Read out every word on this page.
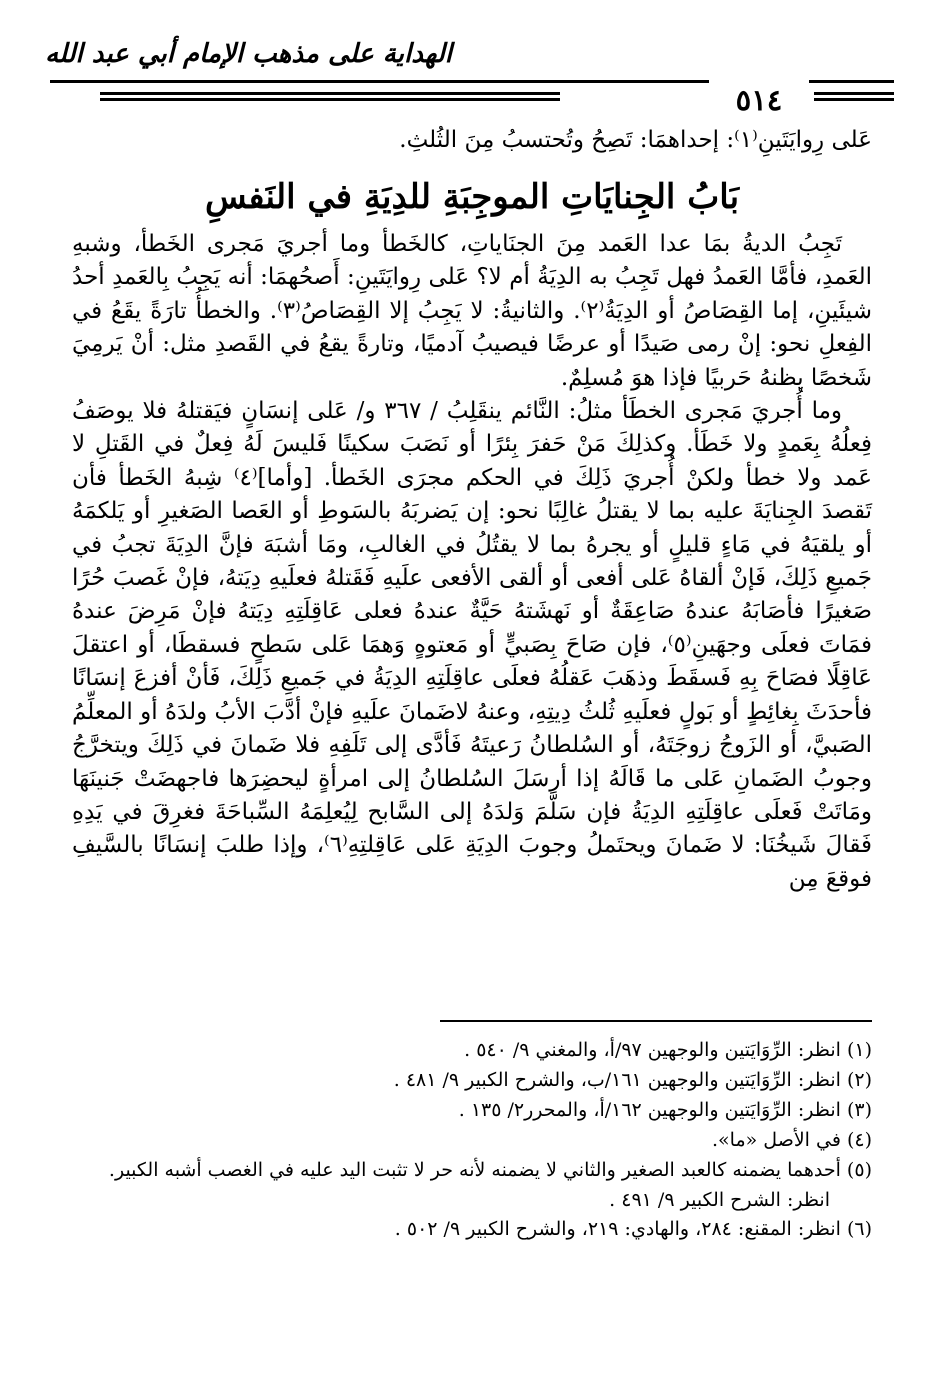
الهداية على مذهب الإمام أبي عبد الله
٥١٤

عَلى رِوايَتَينِ⁽١⁾: إحداهمَا: تَصِحُ وتُحتسبُ مِنَ الثُلثِ.

بَابُ الجِنايَاتِ الموجِبَةِ للدِيَةِ في النَفسِ

تَجِبُ الديةُ بمَا عدا العَمد مِنَ الجنَاياتِ، كالخَطأ وما أجريَ مَجرى الخَطأ، وشبهِ العَمدِ، فأمَّا العَمدُ فهل تَجِبُ به الدِيَةُ أم لا؟ عَلى رِوايَتَينِ: أَصحُهمَا: أنه يَجِبُ بِالعَمدِ أحدُ شيئَينِ، إما القِصَاصُ أو الدِيَةُ⁽٢⁾. والثانيةُ: لا يَجِبُ إلا القِصَاصُ⁽٣⁾. والخطأُ تارَةً يقَعُ في الفِعلِ نحو: إنْ رمى صَيدًا أو عرضًا فيصيبُ آدميًا، وتارةً يقعُ في القَصدِ مثل: أنْ يَرمِيَ شَخصًا يظنهُ حَربيًا فإذا هوَ مُسلِمٌ.

وما أُجريَ مَجرى الخطَأ مثلُ: النَّائم ينقَلِبُ / ٣٦٧ و/ عَلى إنسَانٍ فيَقتلهُ فلا يوصَفُ فِعلُهُ بِعَمدٍ ولا خَطَأ. وكذلِكَ مَنْ حَفرَ بِئرًا أو نَصَبَ سكينًا فَليسَ لَهُ فِعلٌ في القَتلِ لا عَمد ولا خطأ ولكنْ أُجريَ ذَلِكَ في الحكم مجرَى الخَطأ. [وأما]⁽٤⁾ شِبهُ الخَطأ فأن تَقصدَ الجِنايَةَ عليه بما لا يقتلُ غالِبًا نحو: إن يَضربَهُ بالسَوطِ أو العَصا الصَغيرِ أو يَلكمَهُ أو يلقيَهُ في مَاءٍ قليلٍ أو يجرهُ بما لا يقتُلُ في الغالبِ، ومَا أشبَهَ فإنَّ الدِيَةَ تجبُ في جَميعِ ذَلِكَ، فَإنْ ألقاهُ عَلى أفعى أو ألقى الأفعى علَيهِ فَقَتلهُ فعلَيهِ دِيَتهُ، فإنْ غَصبَ حُرًا صَغيرًا فأصَابَهُ عندهُ صَاعِقَةٌ أو نَهشَتهُ حَيَّةٌ عندهُ فعلى عَاقِلَتِهِ دِيَتهُ فإنْ مَرِضَ عندهُ فمَاتَ فعلَى وجهَينِ⁽٥⁾، فإن صَاحَ بِصَبيٍّ أو مَعتوهٍ وَهمَا عَلى سَطحٍ فسقطَا، أو اعتقلَ عَاقِلًا فصَاحَ بِهِ فَسقَطَ وذهَبَ عَقلُهُ فعلَى عاقِلَتِهِ الدِيَةُ في جَميعِ ذَلِكَ، فَأنْ أفزعَ إنسَانًا فأحدَثَ بِغائِطٍ أو بَولٍ فعلَيهِ ثُلثُ دِيتِهِ، وعنهُ لاضَمانَ علَيهِ فإنْ أدَّبَ الأبُ ولدَهُ أو المعلِّمُ الصَبيَّ، أو الزَوجُ زوجَتَهُ، أو السُلطانُ رَعيتَهُ فَأدَّى إلى تَلَفِهِ فلا ضَمانَ في ذَلِكَ ويتخرَّجُ وجوبُ الضَمانِ عَلى ما قَالَهُ إذا أرسَلَ السُلطانُ إلى امرأةٍ ليحضِرَها فاجهضَتْ جَنينَهَا ومَاتَتْ فَعلَى عاقِلَتِهِ الدِيَةُ فإن سَلَّمَ وَلدَهُ إلى السَّابح لِيُعلِمَهُ السِّباحَةَ فغرِقَ في يَدِهِ فَقالَ شَيخُنَا: لا ضَمانَ ويحتَملُ وجوبَ الدِيَةِ عَلى عَاقِلتِهِ⁽٦⁾، وإذا طلبَ إنسَانًا بالسَّيفِ فوقعَ مِن

(١) انظر: الرِّوَايَتين والوجهين ٩٧/أ، والمغني ٩/ ٥٤٠ .

(٢) انظر: الرِّوَايَتين والوجهين ١٦١/ب، والشرح الكبير ٩/ ٤٨١ .

(٣) انظر: الرِّوَايَتين والوجهين ١٦٢/أ، والمحرر٢/ ١٣٥ .

(٤) في الأصل «ما».

(٥) أحدهما يضمنه كالعبد الصغير والثاني لا يضمنه لأنه حر لا تثبت اليد عليه في الغصب أشبه الكبير.

انظر: الشرح الكبير ٩/ ٤٩١ .

(٦) انظر: المقنع: ٢٨٤، والهادي: ٢١٩، والشرح الكبير ٩/ ٥٠٢ .
